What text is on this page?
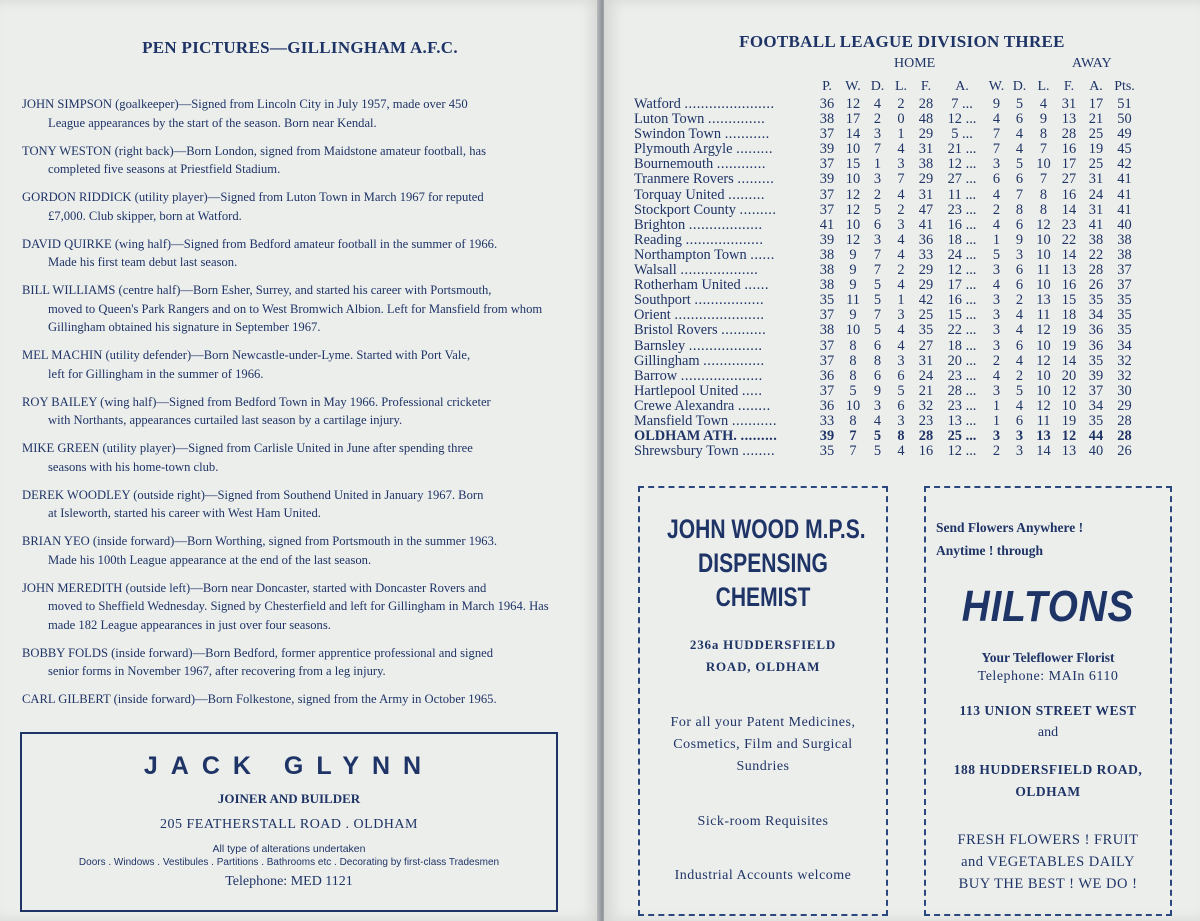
PEN PICTURES—GILLINGHAM A.F.C.
JOHN SIMPSON (goalkeeper)—Signed from Lincoln City in July 1957, made over 450
League appearances by the start of the season. Born near Kendal.
TONY WESTON (right back)—Born London, signed from Maidstone amateur football, has
completed five seasons at Priestfield Stadium.
GORDON RIDDICK (utility player)—Signed from Luton Town in March 1967 for reputed
£7,000. Club skipper, born at Watford.
DAVID QUIRKE (wing half)—Signed from Bedford amateur football in the summer of 1966.
Made his first team debut last season.
BILL WILLIAMS (centre half)—Born Esher, Surrey, and started his career with Portsmouth,
moved to Queen's Park Rangers and on to West Bromwich Albion. Left for Mansfield from whom Gillingham obtained his signature in September 1967.
MEL MACHIN (utility defender)—Born Newcastle-under-Lyme. Started with Port Vale,
left for Gillingham in the summer of 1966.
ROY BAILEY (wing half)—Signed from Bedford Town in May 1966. Professional cricketer
with Northants, appearances curtailed last season by a cartilage injury.
MIKE GREEN (utility player)—Signed from Carlisle United in June after spending three
seasons with his home-town club.
DEREK WOODLEY (outside right)—Signed from Southend United in January 1967. Born
at Isleworth, started his career with West Ham United.
BRIAN YEO (inside forward)—Born Worthing, signed from Portsmouth in the summer 1963.
Made his 100th League appearance at the end of the last season.
JOHN MEREDITH (outside left)—Born near Doncaster, started with Doncaster Rovers and
moved to Sheffield Wednesday. Signed by Chesterfield and left for Gillingham in March 1964. Has made 182 League appearances in just over four seasons.
BOBBY FOLDS (inside forward)—Born Bedford, former apprentice professional and signed
senior forms in November 1967, after recovering from a leg injury.
CARL GILBERT (inside forward)—Born Folkestone, signed from the Army in October 1965.
JACK GLYNN
JOINER AND BUILDER
205 FEATHERSTALL ROAD . OLDHAM
All type of alterations undertaken
Doors . Windows . Vestibules . Partitions . Bathrooms etc . Decorating by first-class Tradesmen
Telephone: MED 1121
FOOTBALL LEAGUE DIVISION THREE
HOME	AWAY
P. W. D. L. F.	A.	W. D. L.	F.	A. Pts.
Watford ......................	36 12 4	2 28	7 ...	9	5	4	31 17 51
Luton Town ..............	38 17 2	0 48	12 ...	4	6	9	13 21 50
Swindon Town ...........	37 14 3	1 29	5 ...	7	4	8	28 25 49
Plymouth Argyle .........	39 10 7	4 31	21 ...	7	4	7	16 19 45
Bournemouth ............	37 15 1	3 38	12 ...	3	5 10 17 25 42
Tranmere Rovers .........	39 10 3	7 29	27 ...	6	6	7	27 31 41
Torquay United .........	37 12 2	4 31	11 ...	4	7	8	16 24 41
Stockport County .........	37 12 5	2 47	23 ...	2	8	8	14 31 41
Brighton ..................	41 10 6	3 41	16 ...	4	6 12 23 41 40
Reading ...................	39 12 3	4 36	18 ...	1	9 10 22 38 38
Northampton Town ......	38	9	7	4 33	24 ...	5	3 10 14 22 38
Walsall ...................	38	9	7	2 29	12 ...	3	6 11 13 28 37
Rotherham United ......	38	9	5	4 29	17 ...	4	6 10 16 26 37
Southport .................	35 11 5	1 42	16 ...	3	2 13 15 35 35
Orient ......................	37	9	7	3 25	15 ...	3	4 11 18 34 35
Bristol Rovers ...........	38 10 5	4 35	22 ...	3	4 12 19 36 35
Barnsley ..................	37	8	6	4 27	18 ...	3	6 10 19 36 34
Gillingham ...............	37	8	8	3 31	20 ...	2	4 12 14 35 32
Barrow ....................	36	8	6	6 24	23 ...	4	2 10 20 39 32
Hartlepool United .....	37	5	9	5 21	28 ...	3	5 10 12 37 30
Crewe Alexandra ........	36 10 3	6 32	23 ...	1	4 12 10 34 29
Mansfield Town ...........	33	8	4	3 23	13 ...	1	6 11 19 35 28
OLDHAM ATH. .........	39	7	5	8 28	25 ...	3	3 13 12 44 28
Shrewsbury Town ........	35	7	5	4 16	12 ...	2	3 14 13 40 26
JOHN WOOD M.P.S.
DISPENSING
CHEMIST
236a HUDDERSFIELD
ROAD, OLDHAM
For all your Patent Medicines,
Cosmetics, Film and Surgical
Sundries
Sick-room Requisites
Industrial Accounts welcome
Send Flowers Anywhere !
Anytime ! through
HILTONS
Your Teleflower Florist
Telephone: MAIn 6110
113 UNION STREET WEST
and
188 HUDDERSFIELD ROAD,
OLDHAM
FRESH FLOWERS ! FRUIT
and VEGETABLES DAILY
BUY THE BEST ! WE DO !
